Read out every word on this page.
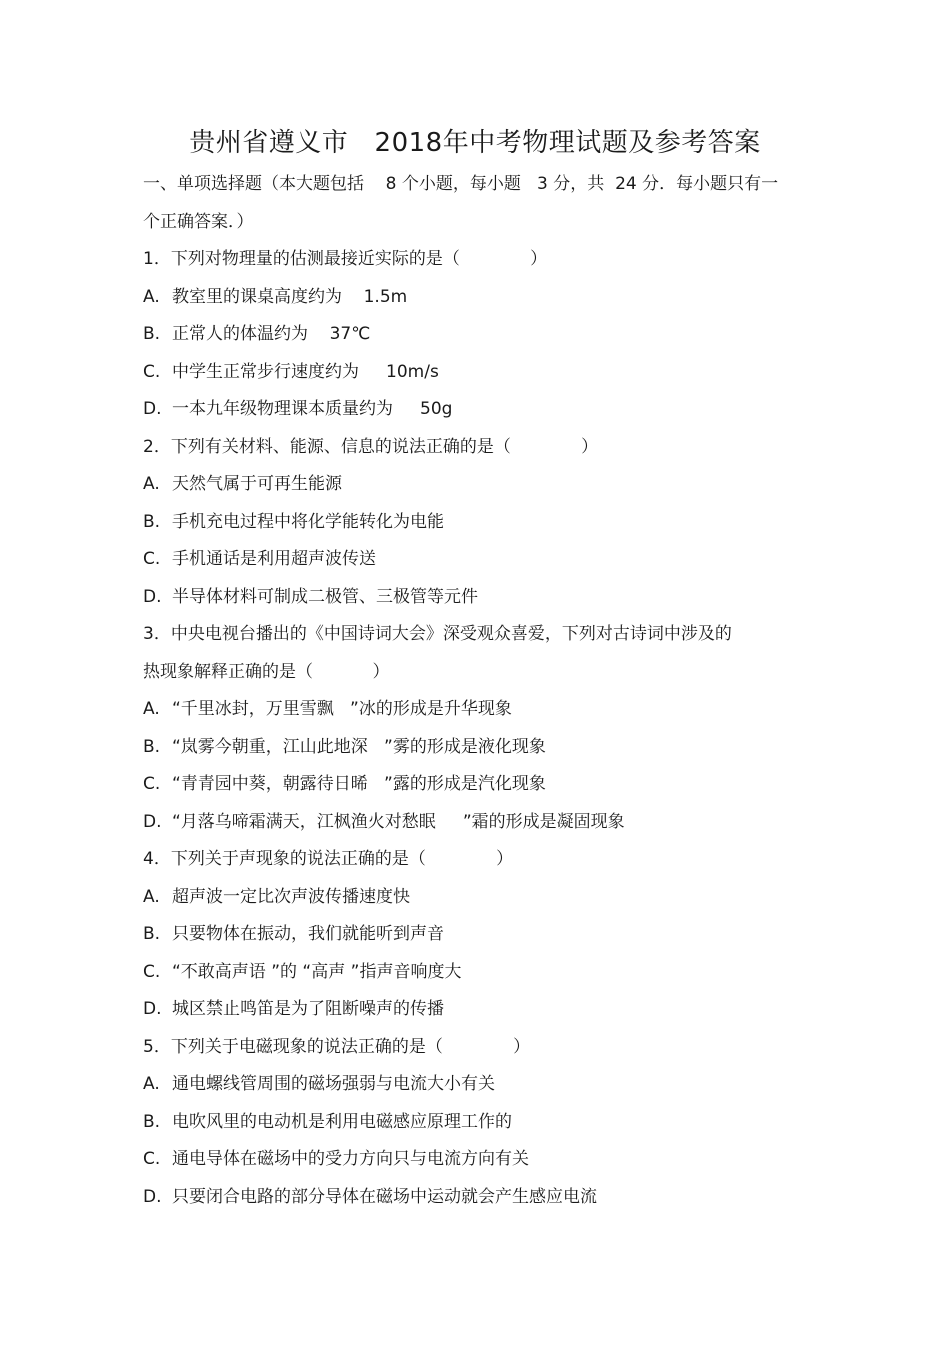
贵州省遵义市   2018年中考物理试题及参考答案
一、单项选择题（本大题包括    8 个小题，每小题   3 分，共  24 分．每小题只有一
个正确答案．）
1．下列对物理量的估测最接近实际的是（             ）
A. 教室里的课桌高度约为    1.5m
B. 正常人的体温约为    37℃
C. 中学生正常步行速度约为     10m/s
D. 一本九年级物理课本质量约为     50g
2．下列有关材料、能源、信息的说法正确的是（             ）
A. 天然气属于可再生能源
B. 手机充电过程中将化学能转化为电能
C. 手机通话是利用超声波传送
D. 半导体材料可制成二极管、三极管等元件
3．中央电视台播出的《中国诗词大会》深受观众喜爱，下列对古诗词中涉及的
热现象解释正确的是（           ）
A. “千里冰封，万里雪飘   ”冰的形成是升华现象
B. “岚雾今朝重，江山此地深   ”雾的形成是液化现象
C. “青青园中葵，朝露待日晞   ”露的形成是汽化现象
D. “月落乌啼霜满天，江枫渔火对愁眠     ”霜的形成是凝固现象
4．下列关于声现象的说法正确的是（             ）
A. 超声波一定比次声波传播速度快
B. 只要物体在振动，我们就能听到声音
C. “不敢高声语 ”的 “高声 ”指声音响度大
D. 城区禁止鸣笛是为了阻断噪声的传播
5．下列关于电磁现象的说法正确的是（             ）
A. 通电螺线管周围的磁场强弱与电流大小有关
B. 电吹风里的电动机是利用电磁感应原理工作的
C. 通电导体在磁场中的受力方向只与电流方向有关
D. 只要闭合电路的部分导体在磁场中运动就会产生感应电流
